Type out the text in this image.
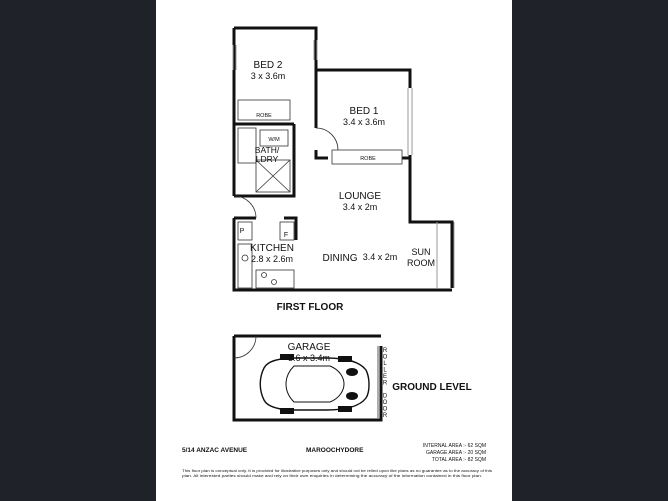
BED 2
3 x 3.6m
BED 1
3.4 x 3.6m
ROBE
W/M
BATH/
LDRY	ROBE
LOUNGE
3.4 x 2m
P
F
KITCHEN
2.8 x 2.6m	DINING 3.4 x 2m SUN
ROOM
FIRST FLOOR
GARAGE
5.6 x 3.4m
GROUND LEVEL
R
O
L
L
E
R
D
O
O
R
5/14 ANZAC AVENUE	MAROOCHYDORE
INTERNAL AREA :- 62 SQM
GARAGE AREA :- 20 SQM
TOTAL AREA :- 82 SQM
This floor plan is conceptual only. It is provided for illustrative purposes only and should not be relied upon like plans as no guarantee as to the accuracy of this
plan. All interested parties should make and rely on their own enquiries in determining the accuracy of the information contained in this floor plan.
